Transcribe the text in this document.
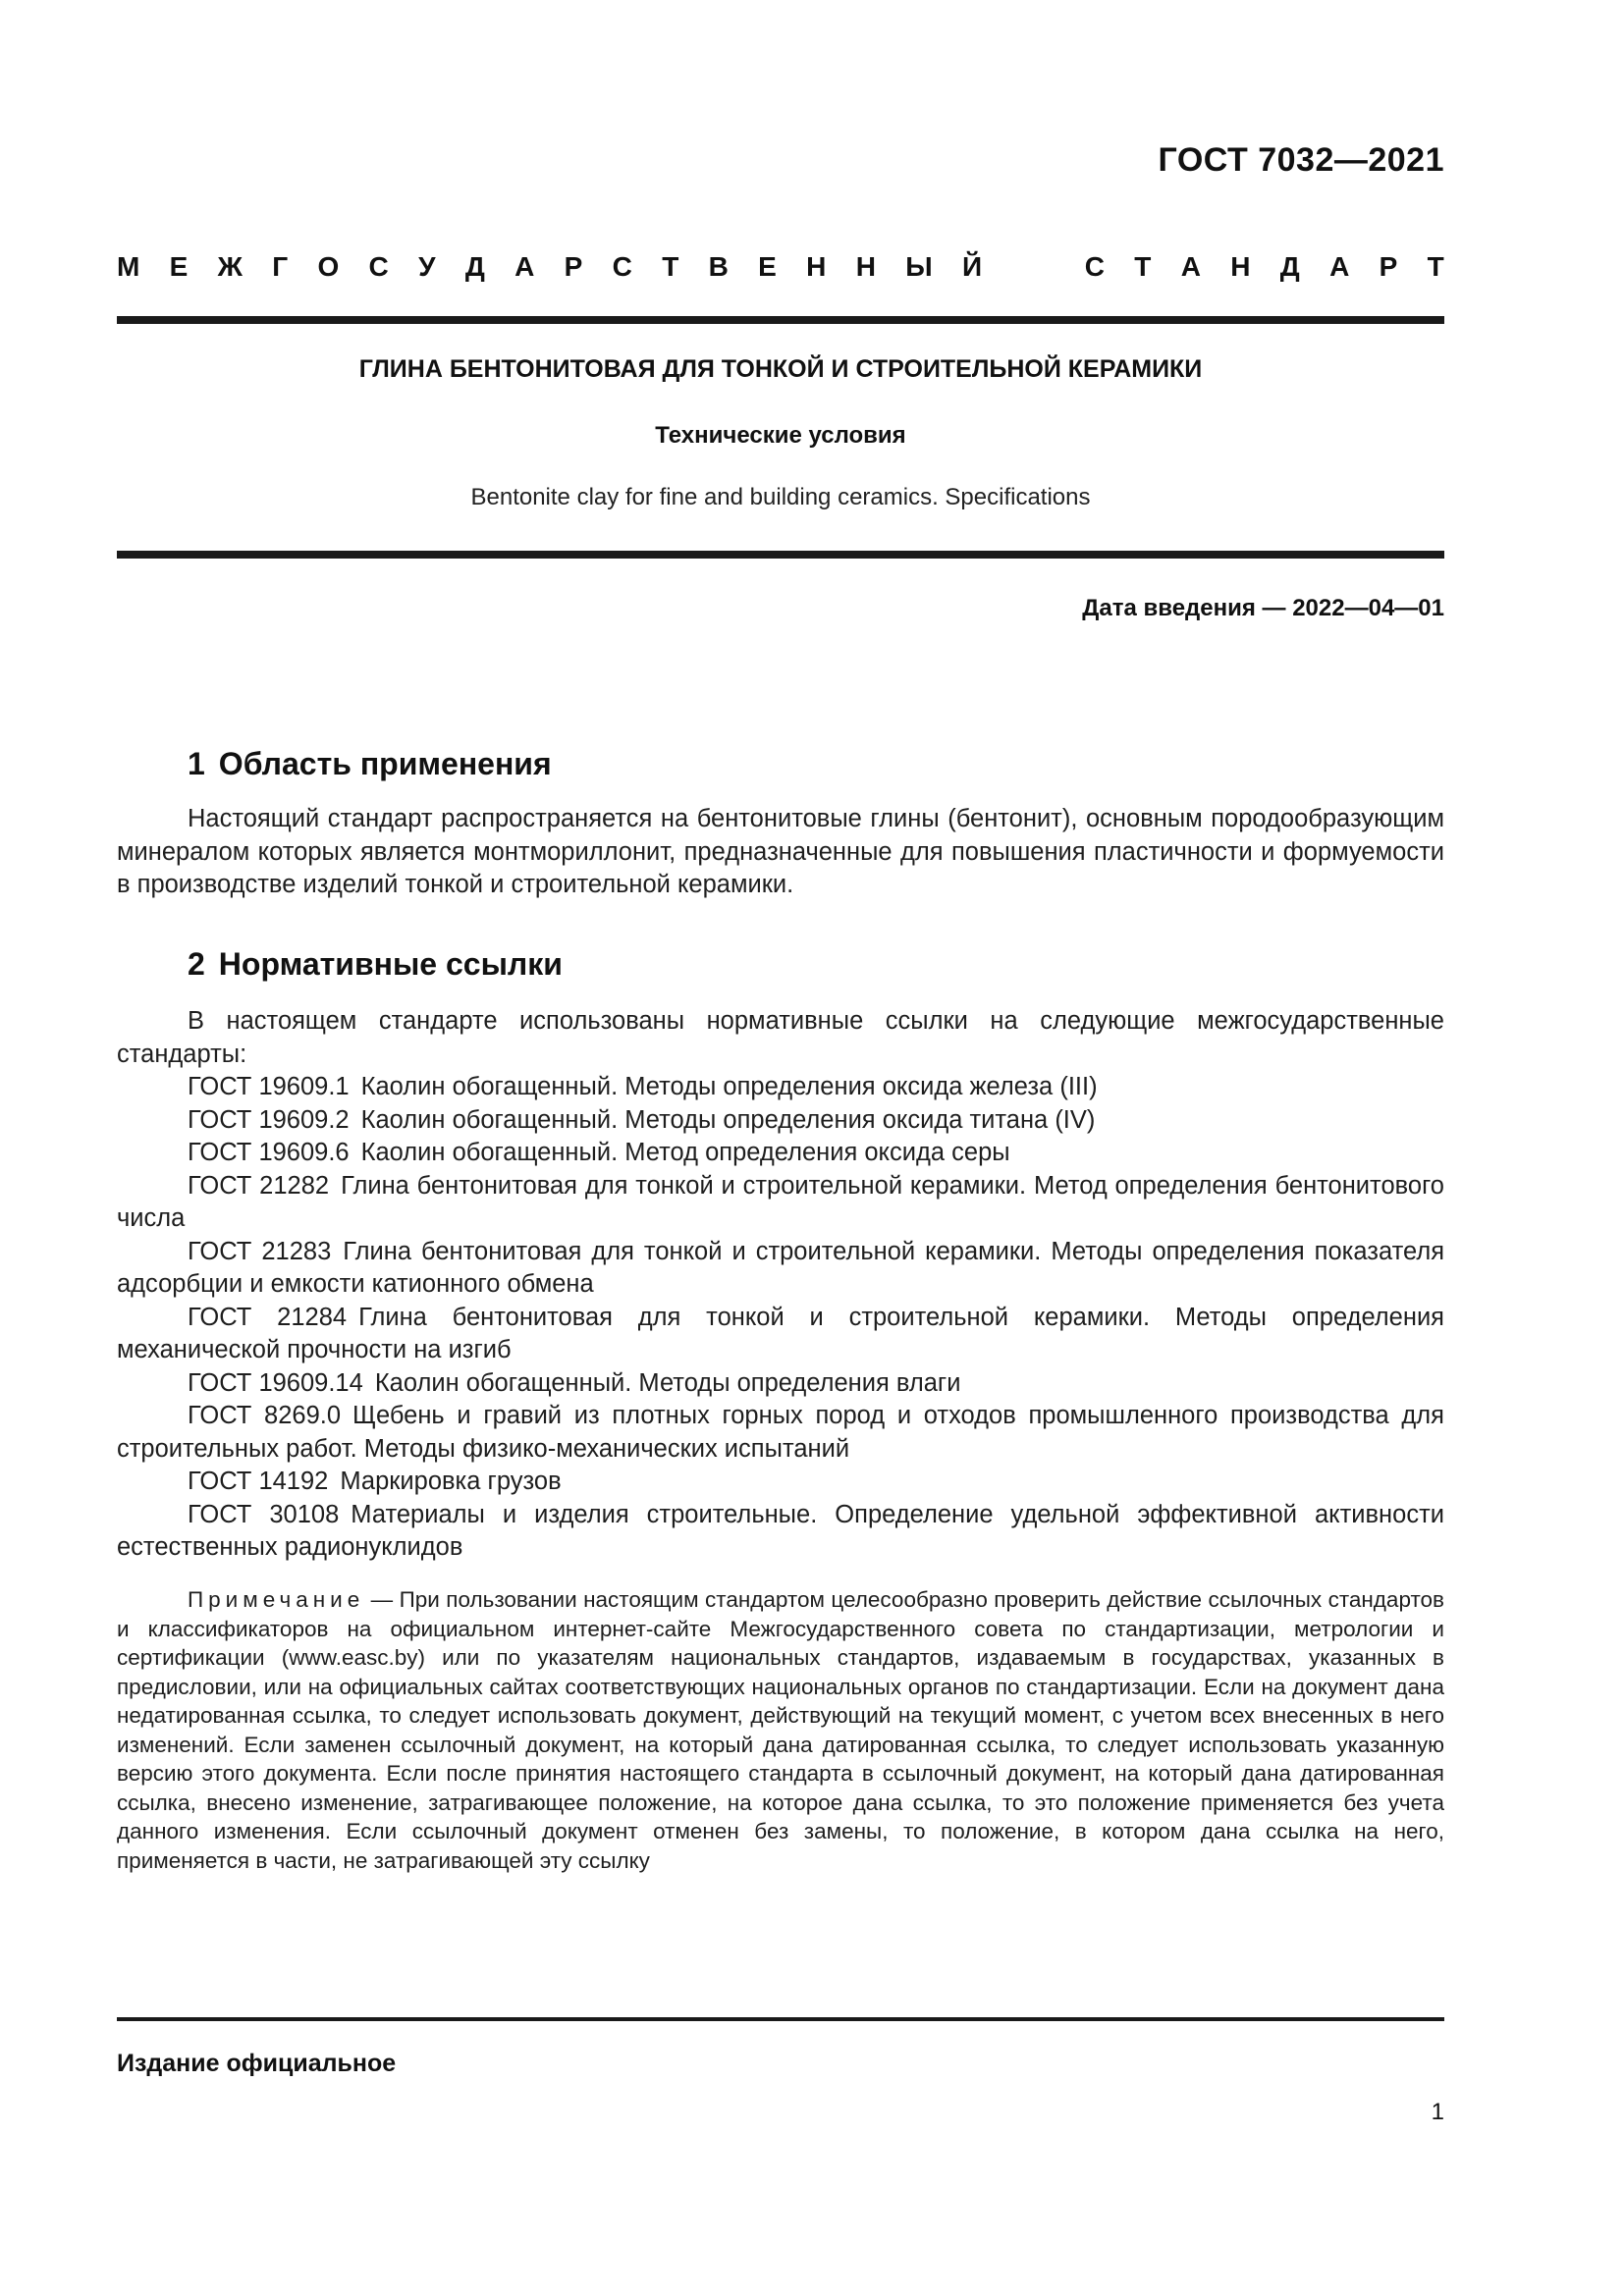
ГОСТ 7032—2021
М Е Ж Г О С У Д А Р С Т В Е Н Н Ы Й	С Т А Н Д А Р Т
ГЛИНА БЕНТОНИТОВАЯ ДЛЯ ТОНКОЙ И СТРОИТЕЛЬНОЙ КЕРАМИКИ
Технические условия
Bentonite clay for fine and building ceramics. Specifications
Дата введения — 2022—04—01
1 Область применения
Настоящий стандарт распространяется на бентонитовые глины (бентонит), основным породообразующим минералом которых является монтмориллонит, предназначенные для повышения пластичности и формуемости в производстве изделий тонкой и строительной керамики.
2 Нормативные ссылки
В настоящем стандарте использованы нормативные ссылки на следующие межгосударственные стандарты:

ГОСТ 19609.1 Каолин обогащенный. Методы определения оксида железа (III)

ГОСТ 19609.2 Каолин обогащенный. Методы определения оксида титана (IV)

ГОСТ 19609.6 Каолин обогащенный. Метод определения оксида серы

ГОСТ 21282 Глина бентонитовая для тонкой и строительной керамики. Метод определения бентонитового числа

ГОСТ 21283 Глина бентонитовая для тонкой и строительной керамики. Методы определения показателя адсорбции и емкости катионного обмена

ГОСТ 21284 Глина бентонитовая для тонкой и строительной керамики. Методы определения механической прочности на изгиб

ГОСТ 19609.14 Каолин обогащенный. Методы определения влаги

ГОСТ 8269.0 Щебень и гравий из плотных горных пород и отходов промышленного производства для строительных работ. Методы физико-механических испытаний

ГОСТ 14192 Маркировка грузов

ГОСТ 30108 Материалы и изделия строительные. Определение удельной эффективной активности естественных радионуклидов

Примечание — При пользовании настоящим стандартом целесообразно проверить действие ссылочных стандартов и классификаторов на официальном интернет-сайте Межгосударственного совета по стандартизации, метрологии и сертификации (www.easc.by) или по указателям национальных стандартов, издаваемым в государствах, указанных в предисловии, или на официальных сайтах соответствующих национальных органов по стандартизации. Если на документ дана недатированная ссылка, то следует использовать документ, действующий на текущий момент, с учетом всех внесенных в него изменений. Если заменен ссылочный документ, на который дана датированная ссылка, то следует использовать указанную версию этого документа. Если после принятия настоящего стандарта в ссылочный документ, на который дана датированная ссылка, внесено изменение, затрагивающее положение, на которое дана ссылка, то это положение применяется без учета данного изменения. Если ссылочный документ отменен без замены, то положение, в котором дана ссылка на него, применяется в части, не затрагивающей эту ссылку
Издание официальное
1
